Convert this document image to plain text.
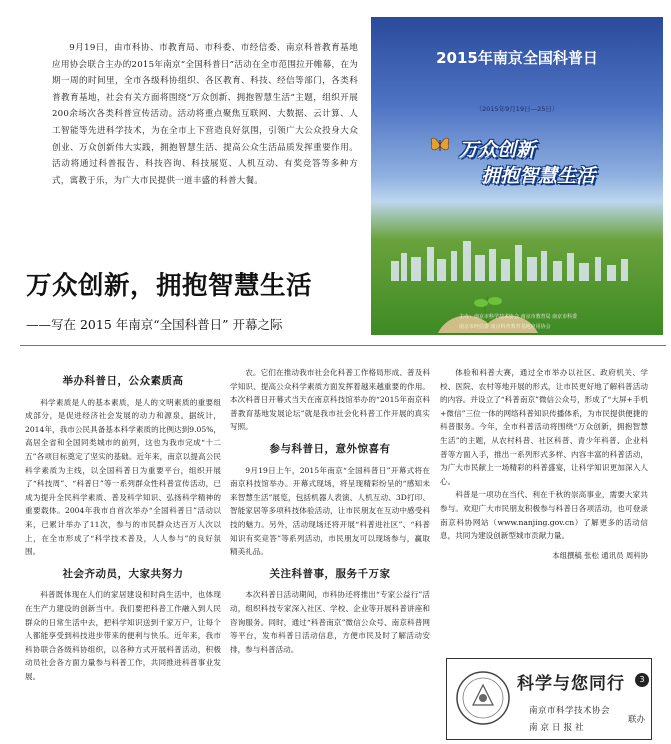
9月19日，由市科协、市教育局、市科委、市经信委、南京科普教育基地应用协会联合主办的2015年南京“全国科普日”活动在全市范围拉开帷幕，在为期一周的时间里，全市各级科协组织、各区教育、科技、经信等部门，各类科普教育基地，社会有关方面将围绕“万众创新、拥抱智慧生活”主题，组织开展200余场次各类科普宣传活动。活动将重点聚焦互联网、大数据、云计算、人工智能等先进科学技术，为在全市上下营造良好氛围，引领广大公众投身大众创业、万众创新伟大实践，拥抱智慧生活、提高公众生活品质发挥重要作用。活动将通过科普报告、科技咨询、科技展览、人机互动、有奖竞答等多种方式，寓教于乐，为广大市民提供一道丰盛的科普大餐。
2015年南京全国科普日
（2015年9月19日—25日）
万众创新
拥抱智慧生活
主办：南京市科学技术协会 南京市教育局 南京市科委
南京市经信委 南京科普教育基地应用协会
万众创新，拥抱智慧生活
——写在 2015 年南京“全国科普日” 开幕之际
举办科普日，公众素质高

科学素质是人的基本素质，是人的文明素质的重要组成部分，是促进经济社会发展的动力和源泉。据统计，2014年，我市公民具备基本科学素质的比例达到9.05%，高居全省和全国同类城市的前列，这也为我市完成“十二五”各项目标奠定了坚实的基础。近年来，南京以提高公民科学素质为主线，以全国科普日为重要平台，组织开展了“科技周”、“科普日”等一系列群众性科普宣传活动，已成为提升全民科学素质、普及科学知识、弘扬科学精神的重要载体。2004年我市自首次举办“全国科普日”活动以来，已累计举办了11次，参与的市民群众达百万人次以上，在全市形成了“科学技术普及，人人参与”的良好氛围。

社会齐动员，大家共努力

科普既体现在人们的家居建设和时尚生活中，也体现在生产力建设的创新当中。我们要把科普工作融入到人民群众的日常生活中去，把科学知识送到千家万户，让每个人都能享受到科技进步带来的便利与快乐。近年来，我市科协联合各级科协组织，以各种方式开展科普活动，积极动员社会各方面力量参与科普工作，共同推进科普事业发展。

农。它们在推动我市社会化科普工作格局形成、普及科学知识、提高公众科学素质方面发挥着越来越重要的作用。本次科普日开幕式当天在南京科技馆举办的“2015年南京科普教育基地发展论坛”就是我市社会化科普工作开展的真实写照。

参与科普日，意外惊喜有

9月19日上午，2015年南京“全国科普日”开幕式将在南京科技馆举办。开幕式现场，将呈现精彩纷呈的“感知未来智慧生活”展览，包括机器人表演、人机互动、3D打印、智能家居等多项科技体验活动，让市民朋友在互动中感受科技的魅力。另外，活动现场还将开展“科普进社区”、“科普知识有奖竞答”等系列活动，市民朋友可以现场参与，赢取精美礼品。

关注科普事，服务千万家

本次科普日活动期间，市科协还将推出“专家公益行”活动，组织科技专家深入社区、学校、企业等开展科普讲座和咨询服务。同时，通过“科普南京”微信公众号、南京科普网等平台，发布科普日活动信息，方便市民及时了解活动安排，参与科普活动。

体验和科普大赛，通过全市举办以社区、政府机关、学校、医院、农村等地开展的形式，让市民更好地了解科普活动的内容。并设立了“科普南京”微信公众号，形成了“大屏+手机+微信”三位一体的网络科普知识传播体系，为市民提供便捷的科普服务。今年，全市科普活动将围绕“万众创新，拥抱智慧生活”的主题，从农村科普、社区科普、青少年科普、企业科普等方面入手，推出一系列形式多样、内容丰富的科普活动，为广大市民献上一场精彩的科普盛宴，让科学知识更加深入人心。

科普是一项功在当代、利在千秋的崇高事业，需要大家共参与。欢迎广大市民朋友积极参与科普日各项活动，也可登录南京科协网站（www.nanjing.gov.cn）了解更多的活动信息，共同为建设创新型城市贡献力量。

本组撰稿 张松 通讯员 周科协

科学与您同行	3
南京市科学技术协会
南京日报社
联办
